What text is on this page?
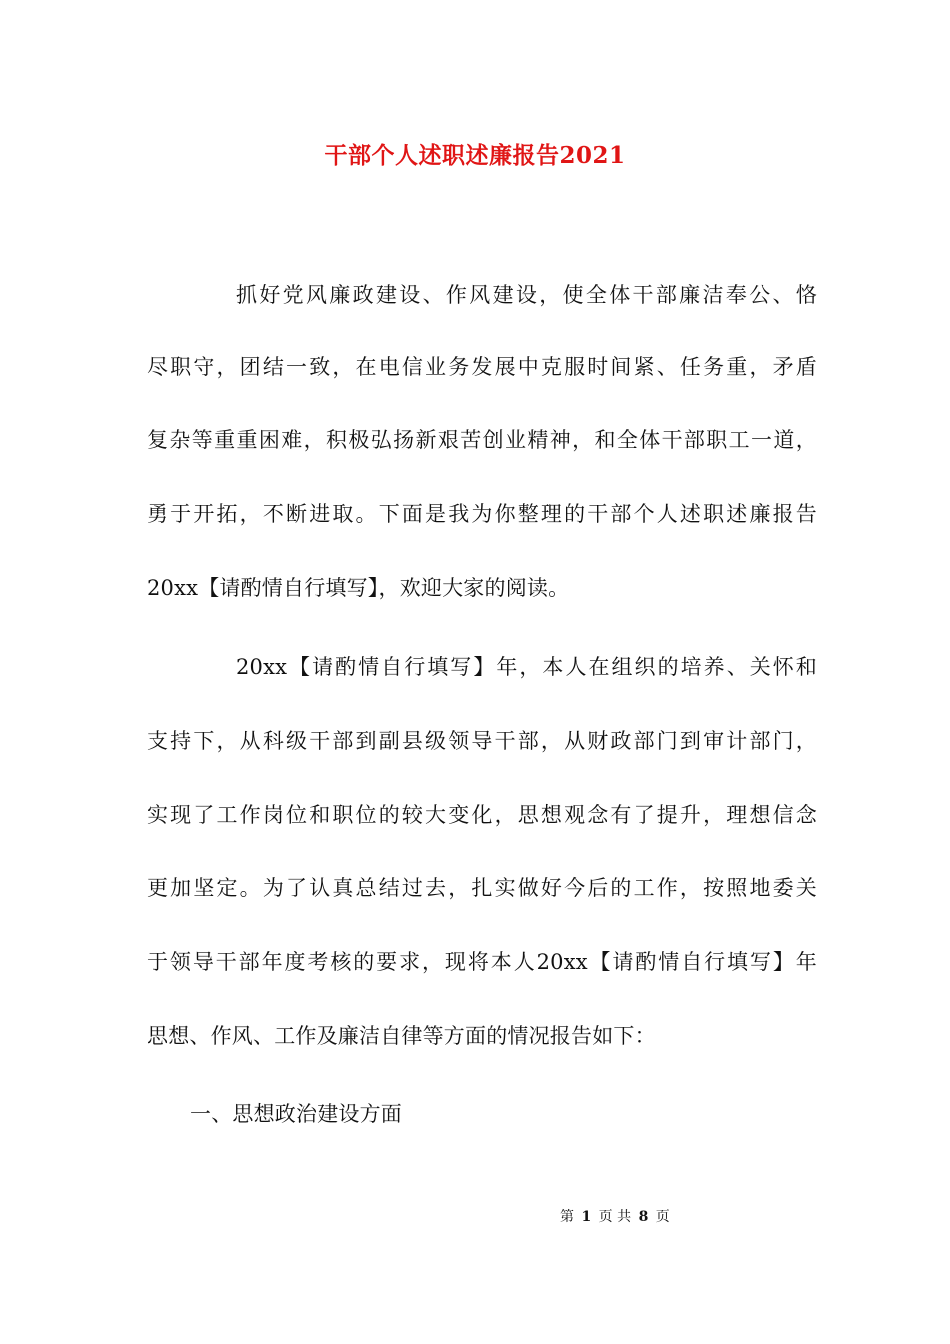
干部个人述职述廉报告2021
抓好党风廉政建设、作风建设，使全体干部廉洁奉公、恪
尽职守，团结一致，在电信业务发展中克服时间紧、任务重，矛盾
复杂等重重困难，积极弘扬新艰苦创业精神，和全体干部职工一道，
勇于开拓，不断进取。下面是我为你整理的干部个人述职述廉报告
20xx【请酌情自行填写】，欢迎大家的阅读。
20xx【请酌情自行填写】年，本人在组织的培养、关怀和
支持下，从科级干部到副县级领导干部，从财政部门到审计部门，
实现了工作岗位和职位的较大变化，思想观念有了提升，理想信念
更加坚定。为了认真总结过去，扎实做好今后的工作，按照地委关
于领导干部年度考核的要求，现将本人20xx【请酌情自行填写】年
思想、作风、工作及廉洁自律等方面的情况报告如下：
一、思想政治建设方面
第 1 页 共 8 页
